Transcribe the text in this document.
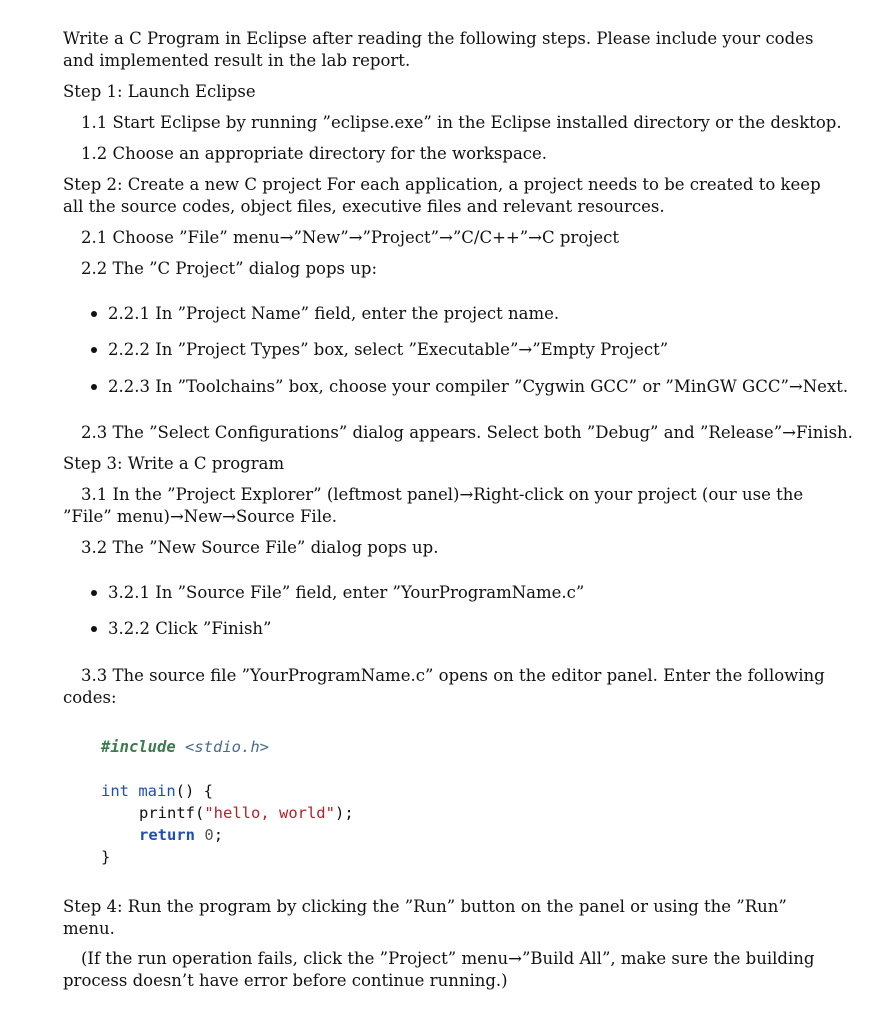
Write a C Program in Eclipse after reading the following steps. Please include your codes
and implemented result in the lab report.
Step 1: Launch Eclipse
1.1 Start Eclipse by running ”eclipse.exe” in the Eclipse installed directory or the desktop.
1.2 Choose an appropriate directory for the workspace.
Step 2: Create a new C project For each application, a project needs to be created to keep
all the source codes, object files, executive files and relevant resources.
2.1 Choose ”File” menu→”New”→”Project”→”C/C++”→C project
2.2 The ”C Project” dialog pops up:
2.2.1 In ”Project Name” field, enter the project name.
2.2.2 In ”Project Types” box, select ”Executable”→”Empty Project”
2.2.3 In ”Toolchains” box, choose your compiler ”Cygwin GCC” or ”MinGW GCC”→Next.
2.3 The ”Select Configurations” dialog appears. Select both ”Debug” and ”Release”→Finish.
Step 3: Write a C program
3.1 In the ”Project Explorer” (leftmost panel)→Right-click on your project (our use the
”File” menu)→New→Source File.
3.2 The ”New Source File” dialog pops up.
3.2.1 In ”Source File” field, enter ”YourProgramName.c”
3.2.2 Click ”Finish”
3.3 The source file ”YourProgramName.c” opens on the editor panel. Enter the following
codes:
#include <stdio.h>
int main() {
printf("hello, world");
return 0;
}
Step 4: Run the program by clicking the ”Run” button on the panel or using the ”Run”
menu.
(If the run operation fails, click the ”Project” menu→”Build All”, make sure the building
process doesn’t have error before continue running.)
